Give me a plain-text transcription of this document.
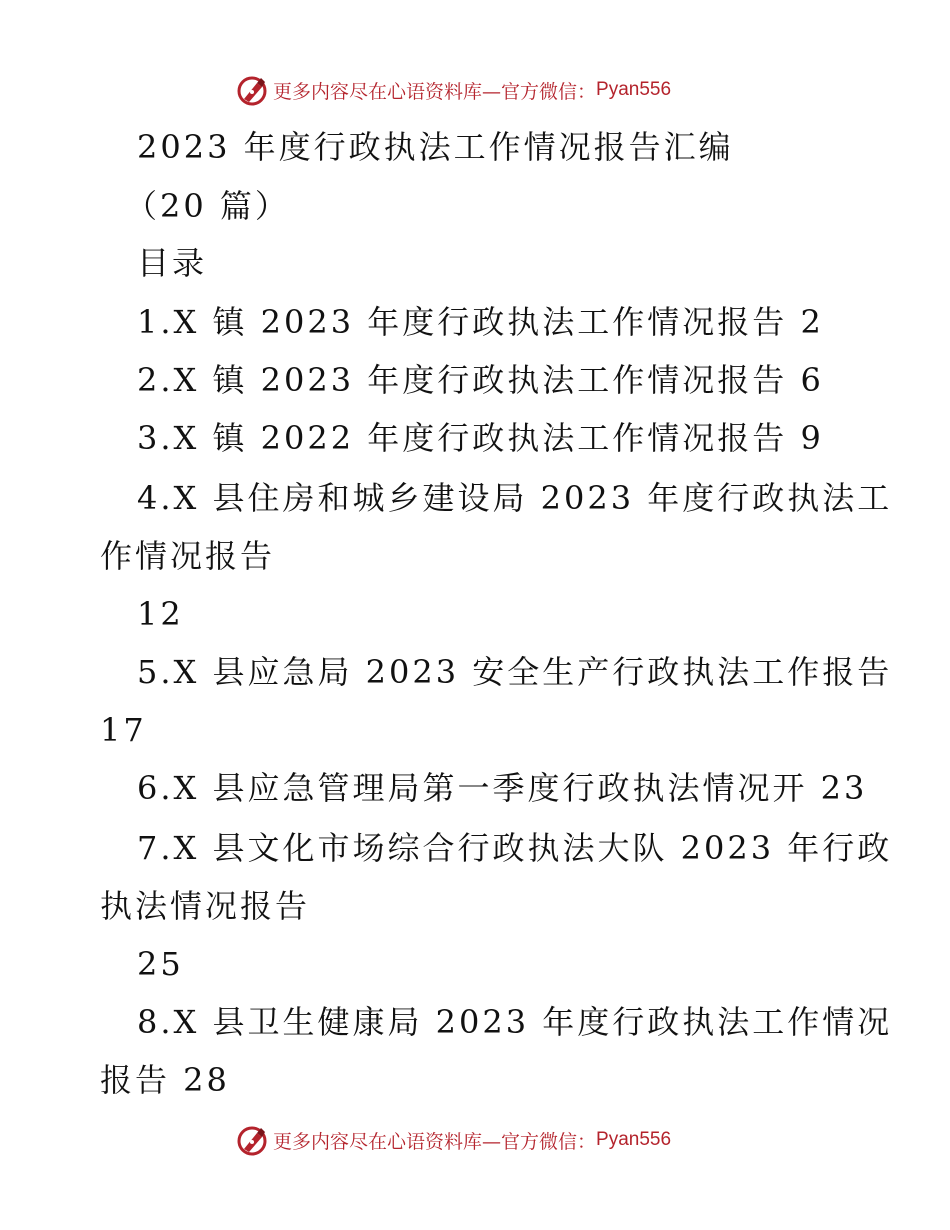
更多内容尽在心语资料库—官方微信： Pyan556
2023 年度行政执法工作情况报告汇编
（20 篇）
目录
1.X 镇 2023 年度行政执法工作情况报告 2
2.X 镇 2023 年度行政执法工作情况报告 6
3.X 镇 2022 年度行政执法工作情况报告 9
4.X 县住房和城乡建设局 2023 年度行政执法工
作情况报告
12
5.X 县应急局 2023 安全生产行政执法工作报告
17
6.X 县应急管理局第一季度行政执法情况开 23
7.X 县文化市场综合行政执法大队 2023 年行政
执法情况报告
25
8.X 县卫生健康局 2023 年度行政执法工作情况
报告 28
更多内容尽在心语资料库—官方微信： Pyan556
